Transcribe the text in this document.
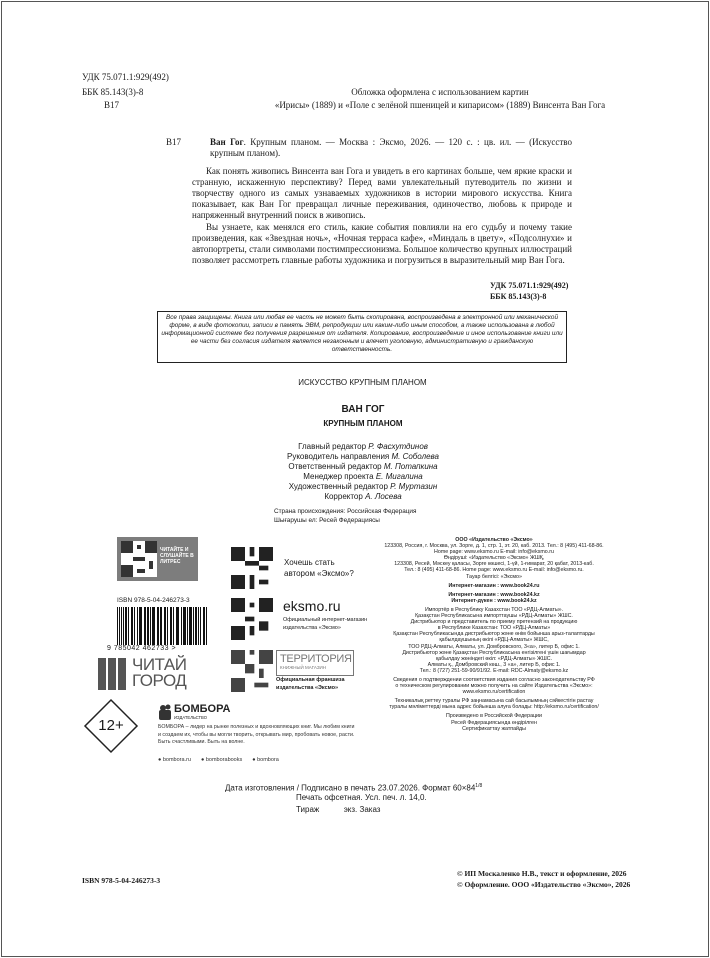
УДК 75.071.1:929(492)
ББК 85.143(3)-8
В17
Обложка оформлена с использованием картин
«Ирисы» (1889) и «Поле с зелёной пшеницей и кипарисом» (1889) Винсента Ван Гога
В17	Ван Гог. Крупным планом. — Москва : Эксмо, 2026. — 120 с. : цв. ил. — (Искусство крупным планом).
Как понять живопись Винсента ван Гога и увидеть в его картинах больше, чем яркие краски и странную, искаженную перспективу? Перед вами увлекательный путеводитель по жизни и творчеству одного из самых узнаваемых художников в истории мирового искусства. Книга показывает, как Ван Гог превращал личные переживания, одиночество, любовь к природе и напряженный внутренний поиск в живопись.
Вы узнаете, как менялся его стиль, какие события повлияли на его судьбу и почему такие произведения, как «Звездная ночь», «Ночная терраса кафе», «Миндаль в цвету», «Подсолнухи» и автопортреты, стали символами постимпрессионизма. Большое количество крупных иллюстраций позволяет рассмотреть главные работы художника и погрузиться в выразительный мир Ван Гога.
УДК 75.071.1:929(492)
ББК 85.143(3)-8
Все права защищены. Книга или любая ее часть не может быть скопирована, воспроизведена в электронной или механической форме, в виде фотокопии, записи в память ЭВМ, репродукции или каким-либо иным способом, а также использована в любой информационной системе без получения разрешения от издателя. Копирование, воспроизведение и иное использование книги или ее части без согласия издателя является незаконным и влечет уголовную, административную и гражданскую ответственность.
ИСКУССТВО КРУПНЫМ ПЛАНОМ
ВАН ГОГ
КРУПНЫМ ПЛАНОМ
Главный редактор Р. Фасхутдинов
Руководитель направления М. Соболева
Ответственный редактор М. Потапкина
Менеджер проекта Е. Мигалина
Художественный редактор Р. Муртазин
Корректор А. Лосева
Страна происхождения: Российская Федерация
Шығарушы ел: Ресей Федерациясы
ЧИТАЙТЕ И СЛУШАЙТЕ В ЛИТРЕС
ISBN 978-5-04-246273-3
9 785042 462733 >
ЧИТАЙ
ГОРОД
12+
БОМБОРА
ИЗДАТЕЛЬСТВО
БОМБОРА – лидер на рынке полезных и вдохновляющих книг. Мы любим книги и создаем их, чтобы вы могли творить, открывать мир, пробовать новое, расти. Быть счастливыми. Быть на волне.
● bombora.ru ● bomborabooks ● bombora
Хочешь стать автором «Эксмо»?
eksmo.ru
Официальный интернет-магазин издательства «Эксмо»
ТЕРРИТОРИЯ
КНИЖНЫЙ МАГАЗИН
Официальная франшиза издательства «Эксмо»
ООО «Издательство «Эксмо»
123308, Россия, г. Москва, ул. Зорге, д. 1, стр. 1, эт. 20, каб. 2013. Тел.: 8 (495) 411-68-86.
Home page: www.eksmo.ru E-mail: info@eksmo.ru
Өндіруші: «Издательство «Эксмо» ЖШҚ,
123308, Ресей, Мәскеу қаласы, Зорге көшесі, 1-үй, 1-ғимарат, 20 қабат, 2013-каб.
Тел.: 8 (495) 411-68-86. Home page: www.eksmo.ru E-mail: info@eksmo.ru.
Тауар белгісі: «Эксмо»
Интернет-магазин : www.book24.ru
Интернет-магазин : www.book24.kz
Интернет-дүкен : www.book24.kz
Импортёр в Республику Казахстан ТОО «РДЦ-Алматы».
Қазақстан Республикасына импорттаушы «РДЦ-Алматы» ЖШС.
Дистрибьютор и представитель по приему претензий на продукцию
в Республике Казахстан: ТОО «РДЦ-Алматы»
Қазақстан Республикасында дистрибьютор және өнім бойынша арыз-талаптарды
қабылдаушының өкілі «РДЦ-Алматы» ЖШС,
ТОО РДЦ-Алматы, Алматы, ул. Домбровского, 3«а», литер Б, офис 1.
Дистрибьютор және Қазақстан Республикасына енгізілгені үшін шағымдар
қабылдау жөніндегі өкіл: «РДЦ-Алматы» ЖШС.
Алматы қ., Домбровский көш., 3 «а», литер Б, офис 1.
Тел.: 8 (727) 251-59-90/91/92. E-mail: RDC-Almaty@eksmo.kz
Сведения о подтверждении соответствия издания согласно законодательству РФ
о техническом регулировании можно получить на сайте Издательства «Эксмо»:
www.eksmo.ru/certification
Техникалық реттеу туралы РФ заңнамасына сай басылымның сәйкестігін растау
туралы мәліметтерді мына адрес бойынша алуға болады: http://eksmo.ru/certification/
Произведено в Российской Федерации
Ресей Федерациясында өндірілген
Сертификаттау жатпайды
Дата изготовления / Подписано в печать 23.07.2026. Формат $60\times 84^{1/8}$
Печать офсетная. Усл. печ. л. 14,0.
Тираж           экз. Заказ
ISBN 978-5-04-246273-3
© ИП Москаленко Н.В., текст и оформление, 2026
© Оформление. ООО «Издательство «Эксмо», 2026
